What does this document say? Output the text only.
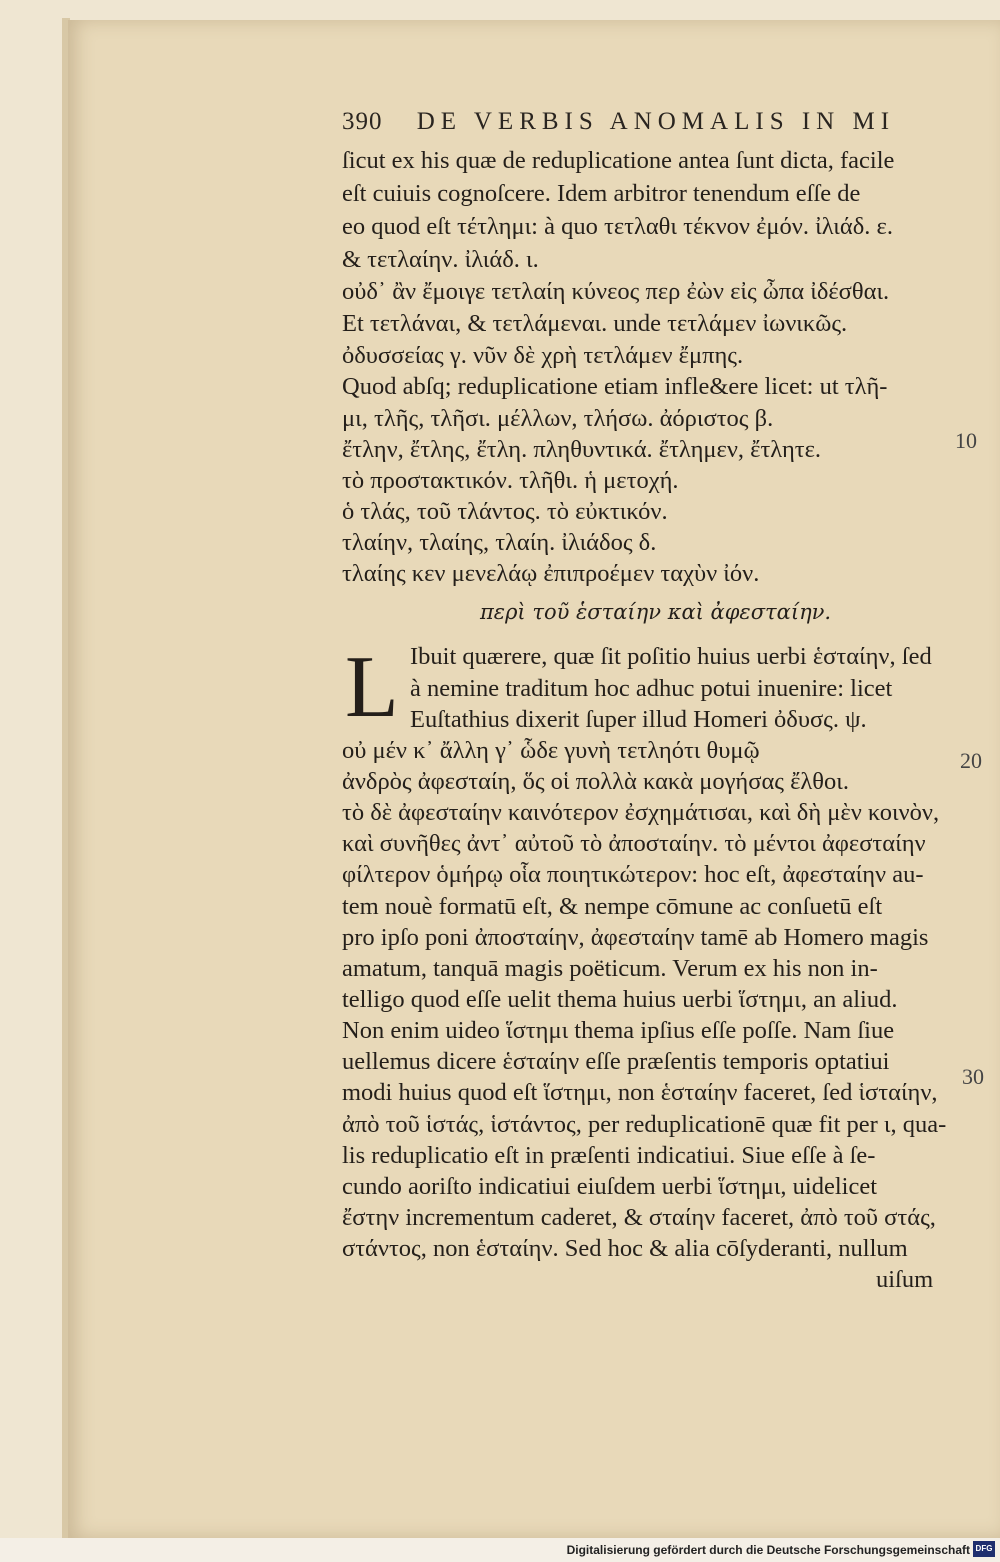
390 DE VERBIS ANOMALIS IN MI
ſicut ex his quæ de reduplicatione antea ſunt dicta, facile
eſt cuiuis cognoſcere. Idem arbitror tenendum eſſe de
eo quod eſt τέτλημι: à quo τετλαθι τέκνον ἐμόν. ἰλιάδ. ε.
& τετλαίην. ἰλιάδ. ι.
οὐδ᾽ ἂν ἔμοιγε τετλαίη κύνεος περ ἐὼν εἰς ὦπα ἰδέσθαι.
Et τετλάναι, & τετλάμεναι. unde τετλάμεν ἰωνικῶς.
ὀδυσσείας γ. νῦν δὲ χρὴ τετλάμεν ἔμπης.
Quod abſq; reduplicatione etiam infle&ere licet: ut τλῆ-
μι, τλῆς, τλῆσι. μέλλων, τλήσω. ἀόριστος β.
ἔτλην, ἔτλης, ἔτλη. πληθυντικά. ἔτλημεν, ἔτλητε.
τὸ προστακτικόν. τλῆθι. ἡ μετοχή.
ὁ τλάς, τοῦ τλάντος. τὸ εὐκτικόν.
τλαίην, τλαίης, τλαίη. ἰλιάδος δ.
τλαίης κεν μενελάῳ ἐπιπροέμεν ταχὺν ἰόν.
περὶ τοῦ ἑσταίην καὶ ἀφεσταίην.
L Ibuit quærere, quæ ſit poſitio huius uerbi ἑσταίην, ſed
à nemine traditum hoc adhuc potui inuenire: licet
Euſtathius dixerit ſuper illud Homeri ὀδυσς. ψ.
οὐ μέν κ᾽ ἄλλη γ᾽ ὧδε γυνὴ τετληότι θυμῷ
ἀνδρὸς ἀφεσταίη, ὅς οἱ πολλὰ κακὰ μογήσας ἔλθοι.
τὸ δὲ ἀφεσταίην καινότερον ἐσχημάτισαι, καὶ δὴ μὲν κοινὸν,
καὶ συνῆθες ἀντ᾽ αὐτοῦ τὸ ἀποσταίην. τὸ μέντοι ἀφεσταίην
φίλτερον ὁμήρῳ οἷα ποιητικώτερον: hoc eſt, ἀφεσταίην au-
tem nouè formatū eſt, & nempe cōmune ac conſuetū eſt
pro ipſo poni ἀποσταίην, ἀφεσταίην tamē ab Homero magis
amatum, tanquā magis poëticum. Verum ex his non in-
telligo quod eſſe uelit thema huius uerbi ἵστημι, an aliud.
Non enim uideo ἵστημι thema ipſius eſſe poſſe. Nam ſiue
uellemus dicere ἑσταίην eſſe præſentis temporis optatiui
modi huius quod eſt ἵστημι, non ἑσταίην faceret, ſed ἱσταίην,
ἀπὸ τοῦ ἱστάς, ἱστάντος, per reduplicationē quæ fit per ι, qua-
lis reduplicatio eſt in præſenti indicatiui. Siue eſſe à ſe-
cundo aoriſto indicatiui eiuſdem uerbi ἵστημι, uidelicet
ἔστην incrementum caderet, & σταίην faceret, ἀπὸ τοῦ στάς,
στάντος, non ἑσταίην. Sed hoc & alia cōſyderanti, nullum
uiſum
10
20
30
Digitalisierung gefördert durch die Deutsche Forschungsgemeinschaft DFG
